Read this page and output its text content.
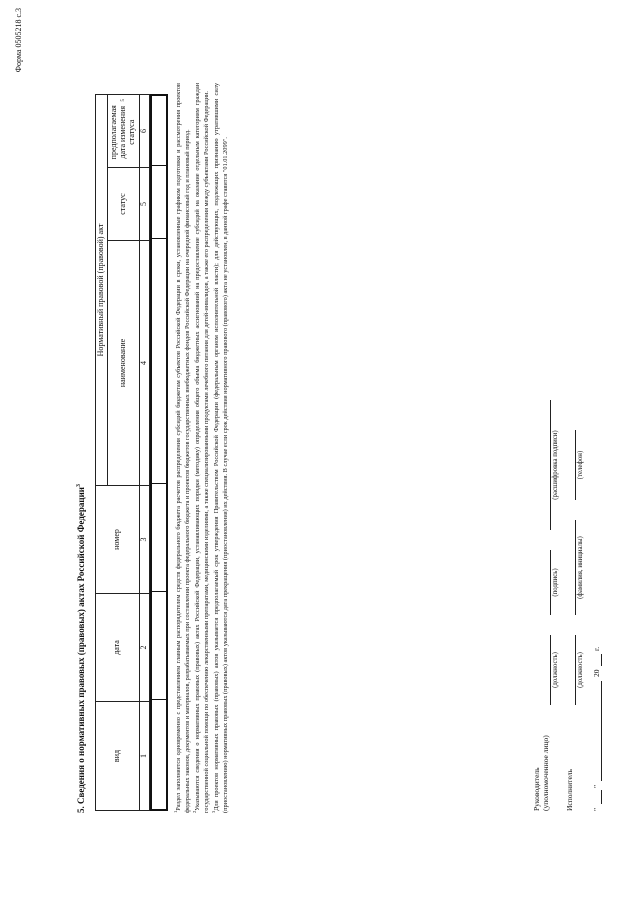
Форма 0505218 с.3
5. Сведения о нормативных правовых (правовых) актах Российской Федерации$^3$
вид
дата
номер
Нормативный правовой (правовой) акт
наименование
статус
предполагаемая дата изменения статуса
5
1
2
3
4
5
6

$^1$Раздел заполняется одновременно с представлением главным распорядителем средств федерального бюджета расчетов распределения субсидий бюджетам субъектов Российской Федерации в сроки, установленные графиком подготовки и рассмотрения проектов федеральных законов, документов и материалов, разрабатываемых при составлении проекта федерального бюджета и проектов бюджетов государственных внебюджетных фондов Российской Федерации на очередной финансовый год и плановый период. $^2$Указываются сведения о нормативных правовых (правовых) актах Российской Федерации, устанавливающих порядки (методику) определения общего объема бюджетных ассигнований на предоставление субсидий на оказание отдельным категориям граждан государственной социальной помощи по обеспечению лекарственными препаратами, медицинскими изделиями, а также специализированными продуктами лечебного питания для детей-инвалидов, а также его распределения между субъектами Российской Федерации. $^3$Для проектов нормативных правовых (правовых) актов указывается предполагаемый срок утверждения Правительством Российской Федерации (федеральным органом исполнительной власти); для действующих, подлежащих признанию утратившими силу (приостановлению) нормативных правовых (правовых) актов указываются дата прекращения (приостановления) их действия. В случае если срок действия нормативного правового (правового) акта не установлен, в данной графе ставится "01.01.2099".	Руководитель (уполномоченное лицо)
(должность)
(подпись)
(расшифровка подписи)
Исполнитель
(должность)
(фамилия, инициалы)
(телефон)
"
"
20
г.
